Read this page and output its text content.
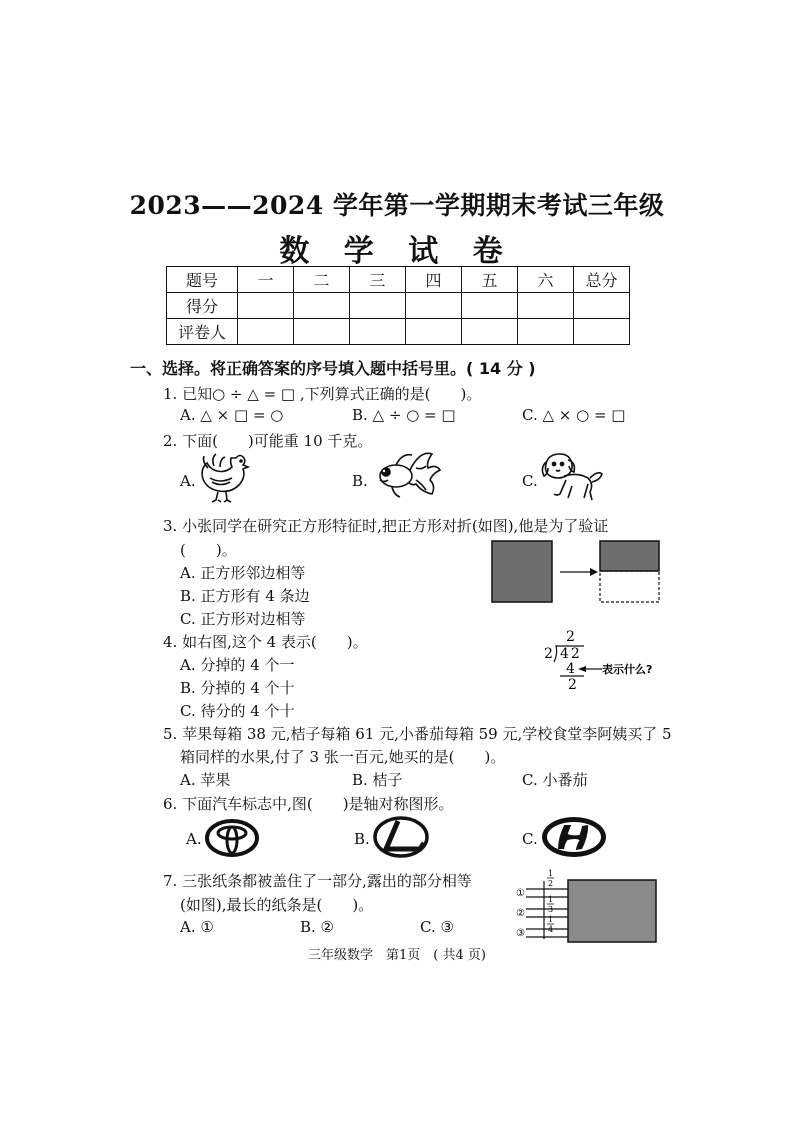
2023——2024 学年第一学期期末考试三年级
数 学 试 卷
题号	一	二	三	四	五	六	总分
得分							
评卷人							
一、选择。将正确答案的序号填入题中括号里。( 14 分 )
1. 已知○ ÷ △ = □ ,下列算式正确的是(　　)。
A. △ × □ = ○	B. △ ÷ ○ = □	C. △ × ○ = □
2. 下面(　　)可能重 10 千克。
A.	B.	C.
3. 小张同学在研究正方形特征时,把正方形对折(如图),他是为了验证
(　　)。
A. 正方形邻边相等
B. 正方形有 4 条边
C. 正方形对边相等
4. 如右图,这个 4 表示(　　)。
A. 分掉的 4 个一
B. 分掉的 4 个十
C. 待分的 4 个十
2
2 42
4
2
表示什么?
5. 苹果每箱 38 元,桔子每箱 61 元,小番茄每箱 59 元,学校食堂李阿姨买了 5
箱同样的水果,付了 3 张一百元,她买的是(　　)。
A. 苹果	B. 桔子	C. 小番茄
6. 下面汽车标志中,图(　　)是轴对称图形。
A.	B.	C.
7. 三张纸条都被盖住了一部分,露出的部分相等
(如图),最长的纸条是(　　)。
A. ①	B. ②	C. ③
①
②
③
1
2
1
3
1
4
三年级数学　第1页　( 共4 页)
